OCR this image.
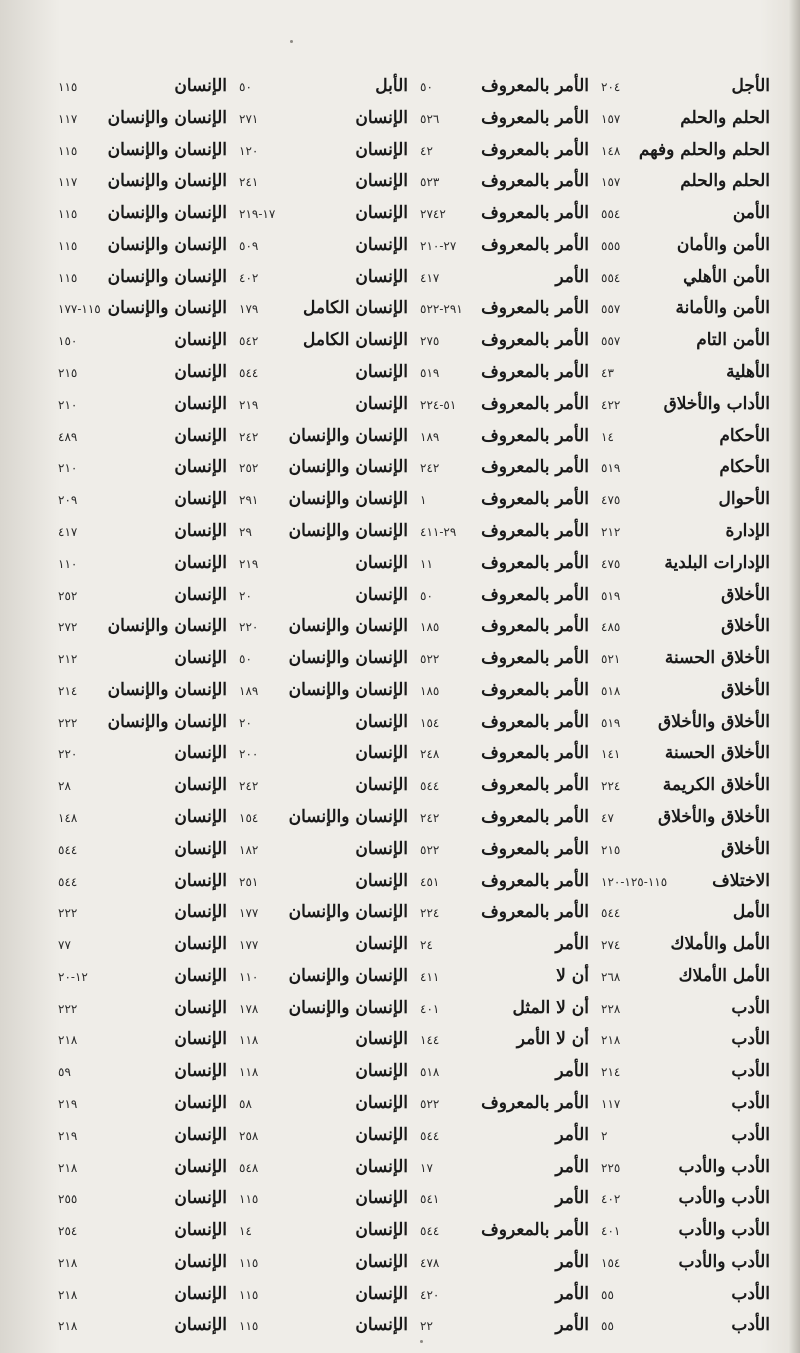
الأجل
٢٠٤
الحلم والحلم
١٥٧
الحلم والحلم وفهم
١٤٨
الحلم والحلم
١٥٧
الأمن
٥٥٤
الأمن والأمان
٥٥٥
الأمن الأهلي
٥٥٤
الأمن والأمانة
٥٥٧
الأمن التام
٥٥٧
الأهلية
٤٣
الأداب والأخلاق
٤٢٢
الأحكام
١٤
الأحكام
٥١٩
الأحوال
٤٧٥
الإدارة
٢١٢
الإدارات البلدية
٤٧٥
الأخلاق
٥١٩
الأخلاق
٤٨٥
الأخلاق الحسنة
٥٢١
الأخلاق
٥١٨
الأخلاق والأخلاق
٥١٩
الأخلاق الحسنة
١٤١
الأخلاق الكريمة
٢٢٤
الأخلاق والأخلاق
٤٧
الأخلاق
٢١٥
الاختلاف
١١٥-١٢٥-١٢٠
الأمل
٥٤٤
الأمل والأملاك
٢٧٤
الأمل الأملاك
٢٦٨
الأدب
٢٢٨
الأدب
٢١٨
الأدب
٢١٤
الأدب
١١٧
الأدب
٢
الأدب والأدب
٢٢٥
الأدب والأدب
٤٠٢
الأدب والأدب
٤٠١
الأدب والأدب
١٥٤
الأدب
٥٥
الأدب
٥٥
الأمر بالمعروف
٥٠
الأمر بالمعروف
٥٢٦
الأمر بالمعروف
٤٢
الأمر بالمعروف
٥٢٣
الأمر بالمعروف
٢٧٤٢
الأمر بالمعروف
٢٧-٢١٠
الأمر
٤١٧
الأمر بالمعروف
٢٩١-٥٢٢
الأمر بالمعروف
٢٧٥
الأمر بالمعروف
٥١٩
الأمر بالمعروف
٥١-٢٢٤
الأمر بالمعروف
١٨٩
الأمر بالمعروف
٢٤٢
الأمر بالمعروف
١
الأمر بالمعروف
٢٩-٤١١
الأمر بالمعروف
١١
الأمر بالمعروف
٥٠
الأمر بالمعروف
١٨٥
الأمر بالمعروف
٥٢٢
الأمر بالمعروف
١٨٥
الأمر بالمعروف
١٥٤
الأمر بالمعروف
٢٤٨
الأمر بالمعروف
٥٤٤
الأمر بالمعروف
٢٤٢
الأمر بالمعروف
٥٢٢
الأمر بالمعروف
٤٥١
الأمر بالمعروف
٢٢٤
الأمر
٢٤
أن لا
٤١١
أن لا المثل
٤٠١
أن لا الأمر
١٤٤
الأمر
٥١٨
الأمر بالمعروف
٥٢٢
الأمر
٥٤٤
الأمر
١٧
الأمر
٥٤١
الأمر بالمعروف
٥٤٤
الأمر
٤٧٨
الأمر
٤٢٠
الأمر
٢٢
الأبل
٥٠
الإنسان
٢٧١
الإنسان
١٢٠
الإنسان
٢٤١
الإنسان
١٧-٢١٩
الإنسان
٥٠٩
الإنسان
٤٠٢
الإنسان الكامل
١٧٩
الإنسان الكامل
٥٤٢
الإنسان
٥٤٤
الإنسان
٢١٩
الإنسان والإنسان
٢٤٢
الإنسان والإنسان
٢٥٢
الإنسان والإنسان
٢٩١
الإنسان والإنسان
٢٩
الإنسان
٢١٩
الإنسان
٢٠
الإنسان والإنسان
٢٢٠
الإنسان والإنسان
٥٠
الإنسان والإنسان
١٨٩
الإنسان
٢٠
الإنسان
٢٠٠
الإنسان
٢٤٢
الإنسان والإنسان
١٥٤
الإنسان
١٨٢
الإنسان
٢٥١
الإنسان والإنسان
١٧٧
الإنسان
١٧٧
الإنسان والإنسان
١١٠
الإنسان والإنسان
١٧٨
الإنسان
١١٨
الإنسان
١١٨
الإنسان
٥٨
الإنسان
٢٥٨
الإنسان
٥٤٨
الإنسان
١١٥
الإنسان
١٤
الإنسان
١١٥
الإنسان
١١٥
الإنسان
١١٥
الإنسان
١١٥
الإنسان والإنسان
١١٧
الإنسان والإنسان
١١٥
الإنسان والإنسان
١١٧
الإنسان والإنسان
١١٥
الإنسان والإنسان
١١٥
الإنسان والإنسان
١١٥
الإنسان والإنسان
١١٥-١٧٧
الإنسان
١٥٠
الإنسان
٢١٥
الإنسان
٢١٠
الإنسان
٤٨٩
الإنسان
٢١٠
الإنسان
٢٠٩
الإنسان
٤١٧
الإنسان
١١٠
الإنسان
٢٥٢
الإنسان والإنسان
٢٧٢
الإنسان
٢١٢
الإنسان والإنسان
٢١٤
الإنسان والإنسان
٢٢٢
الإنسان
٢٢٠
الإنسان
٢٨
الإنسان
١٤٨
الإنسان
٥٤٤
الإنسان
٥٤٤
الإنسان
٢٢٢
الإنسان
٧٧
الإنسان
١٢-٢٠
الإنسان
٢٢٢
الإنسان
٢١٨
الإنسان
٥٩
الإنسان
٢١٩
الإنسان
٢١٩
الإنسان
٢١٨
الإنسان
٢٥٥
الإنسان
٢٥٤
الإنسان
٢١٨
الإنسان
٢١٨
الإنسان
٢١٨
